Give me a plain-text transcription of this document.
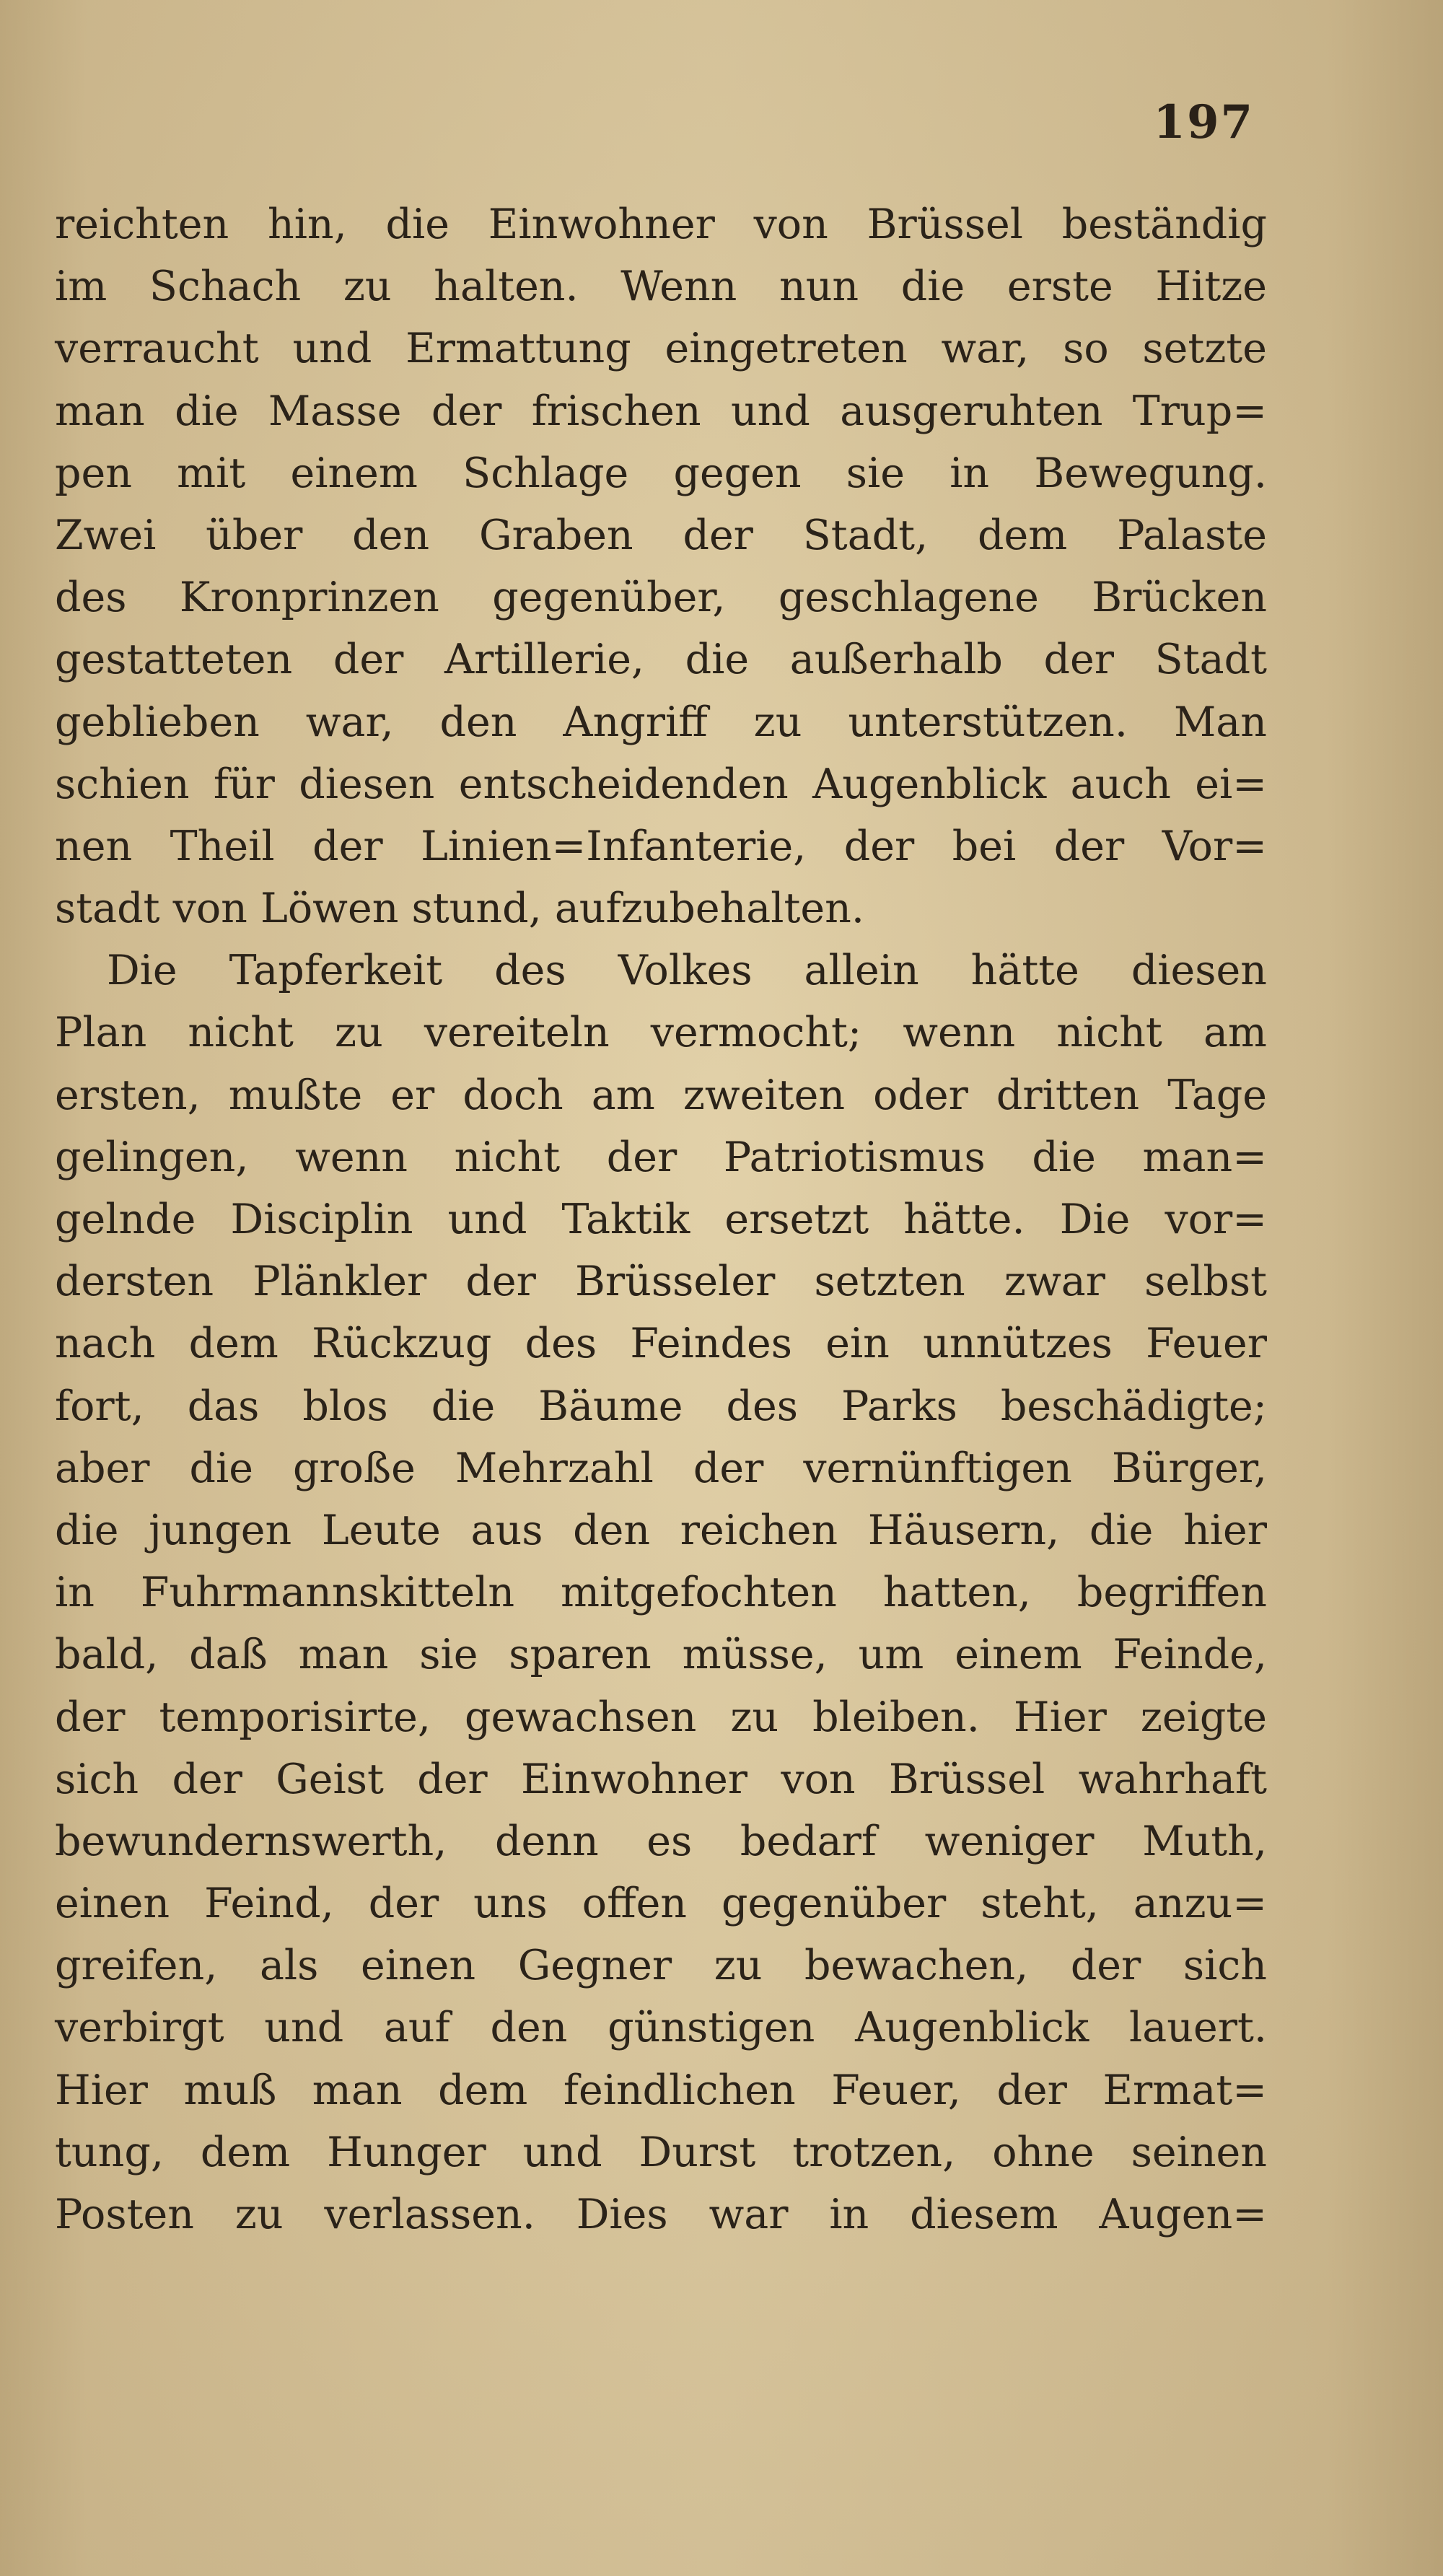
197
reichten hin, die Einwohner von Brüssel beständig
im Schach zu halten. Wenn nun die erste Hitze
verraucht und Ermattung eingetreten war, so setzte
man die Masse der frischen und ausgeruhten Trup=
pen mit einem Schlage gegen sie in Bewegung.
Zwei über den Graben der Stadt, dem Palaste
des Kronprinzen gegenüber, geschlagene Brücken
gestatteten der Artillerie, die außerhalb der Stadt
geblieben war, den Angriff zu unterstützen. Man
schien für diesen entscheidenden Augenblick auch ei=
nen Theil der Linien=Infanterie, der bei der Vor=
stadt von Löwen stund, aufzubehalten.
Die Tapferkeit des Volkes allein hätte diesen
Plan nicht zu vereiteln vermocht; wenn nicht am
ersten, mußte er doch am zweiten oder dritten Tage
gelingen, wenn nicht der Patriotismus die man=
gelnde Disciplin und Taktik ersetzt hätte. Die vor=
dersten Plänkler der Brüsseler setzten zwar selbst
nach dem Rückzug des Feindes ein unnützes Feuer
fort, das blos die Bäume des Parks beschädigte;
aber die große Mehrzahl der vernünftigen Bürger,
die jungen Leute aus den reichen Häusern, die hier
in Fuhrmannskitteln mitgefochten hatten, begriffen
bald, daß man sie sparen müsse, um einem Feinde,
der temporisirte, gewachsen zu bleiben. Hier zeigte
sich der Geist der Einwohner von Brüssel wahrhaft
bewundernswerth, denn es bedarf weniger Muth,
einen Feind, der uns offen gegenüber steht, anzu=
greifen, als einen Gegner zu bewachen, der sich
verbirgt und auf den günstigen Augenblick lauert.
Hier muß man dem feindlichen Feuer, der Ermat=
tung, dem Hunger und Durst trotzen, ohne seinen
Posten zu verlassen. Dies war in diesem Augen=
